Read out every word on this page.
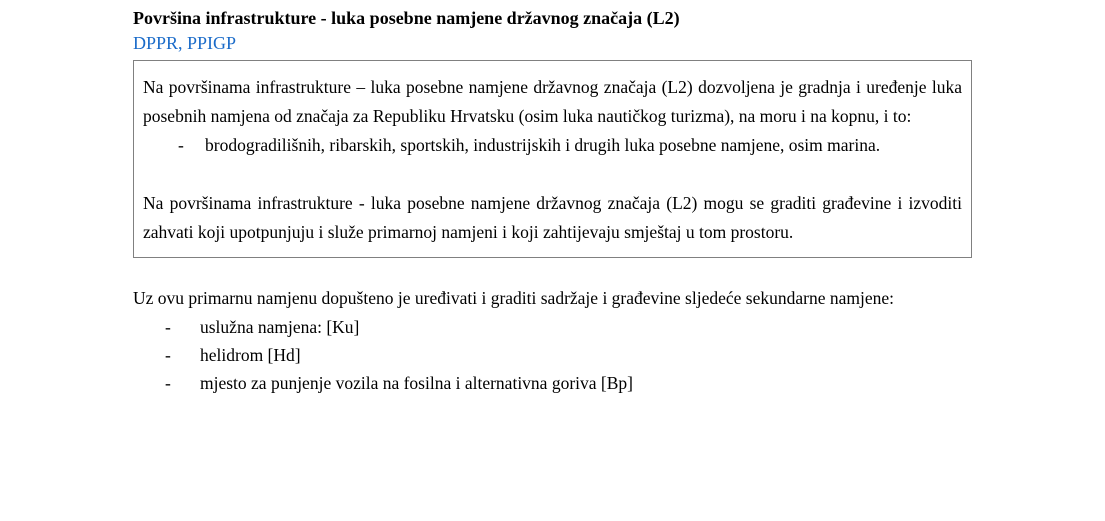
Površina infrastrukture - luka posebne namjene državnog značaja (L2)
DPPR, PPIGP

Na površinama infrastrukture – luka posebne namjene državnog značaja (L2) dozvoljena je gradnja i uređenje luka posebnih namjena od značaja za Republiku Hrvatsku (osim luka nautičkog turizma), na moru i na kopnu, i to:

-	brodogradilišnih, ribarskih, sportskih, industrijskih i drugih luka posebne namjene, osim marina.

Na površinama infrastrukture - luka posebne namjene državnog značaja (L2) mogu se graditi građevine i izvoditi zahvati koji upotpunjuju i služe primarnoj namjeni i koji zahtijevaju smještaj u tom prostoru.

Uz ovu primarnu namjenu dopušteno je uređivati i graditi sadržaje i građevine sljedeće sekundarne namjene:

-	uslužna namjena: [Ku]
-	helidrom [Hd]
-	mjesto za punjenje vozila na fosilna i alternativna goriva [Bp]
